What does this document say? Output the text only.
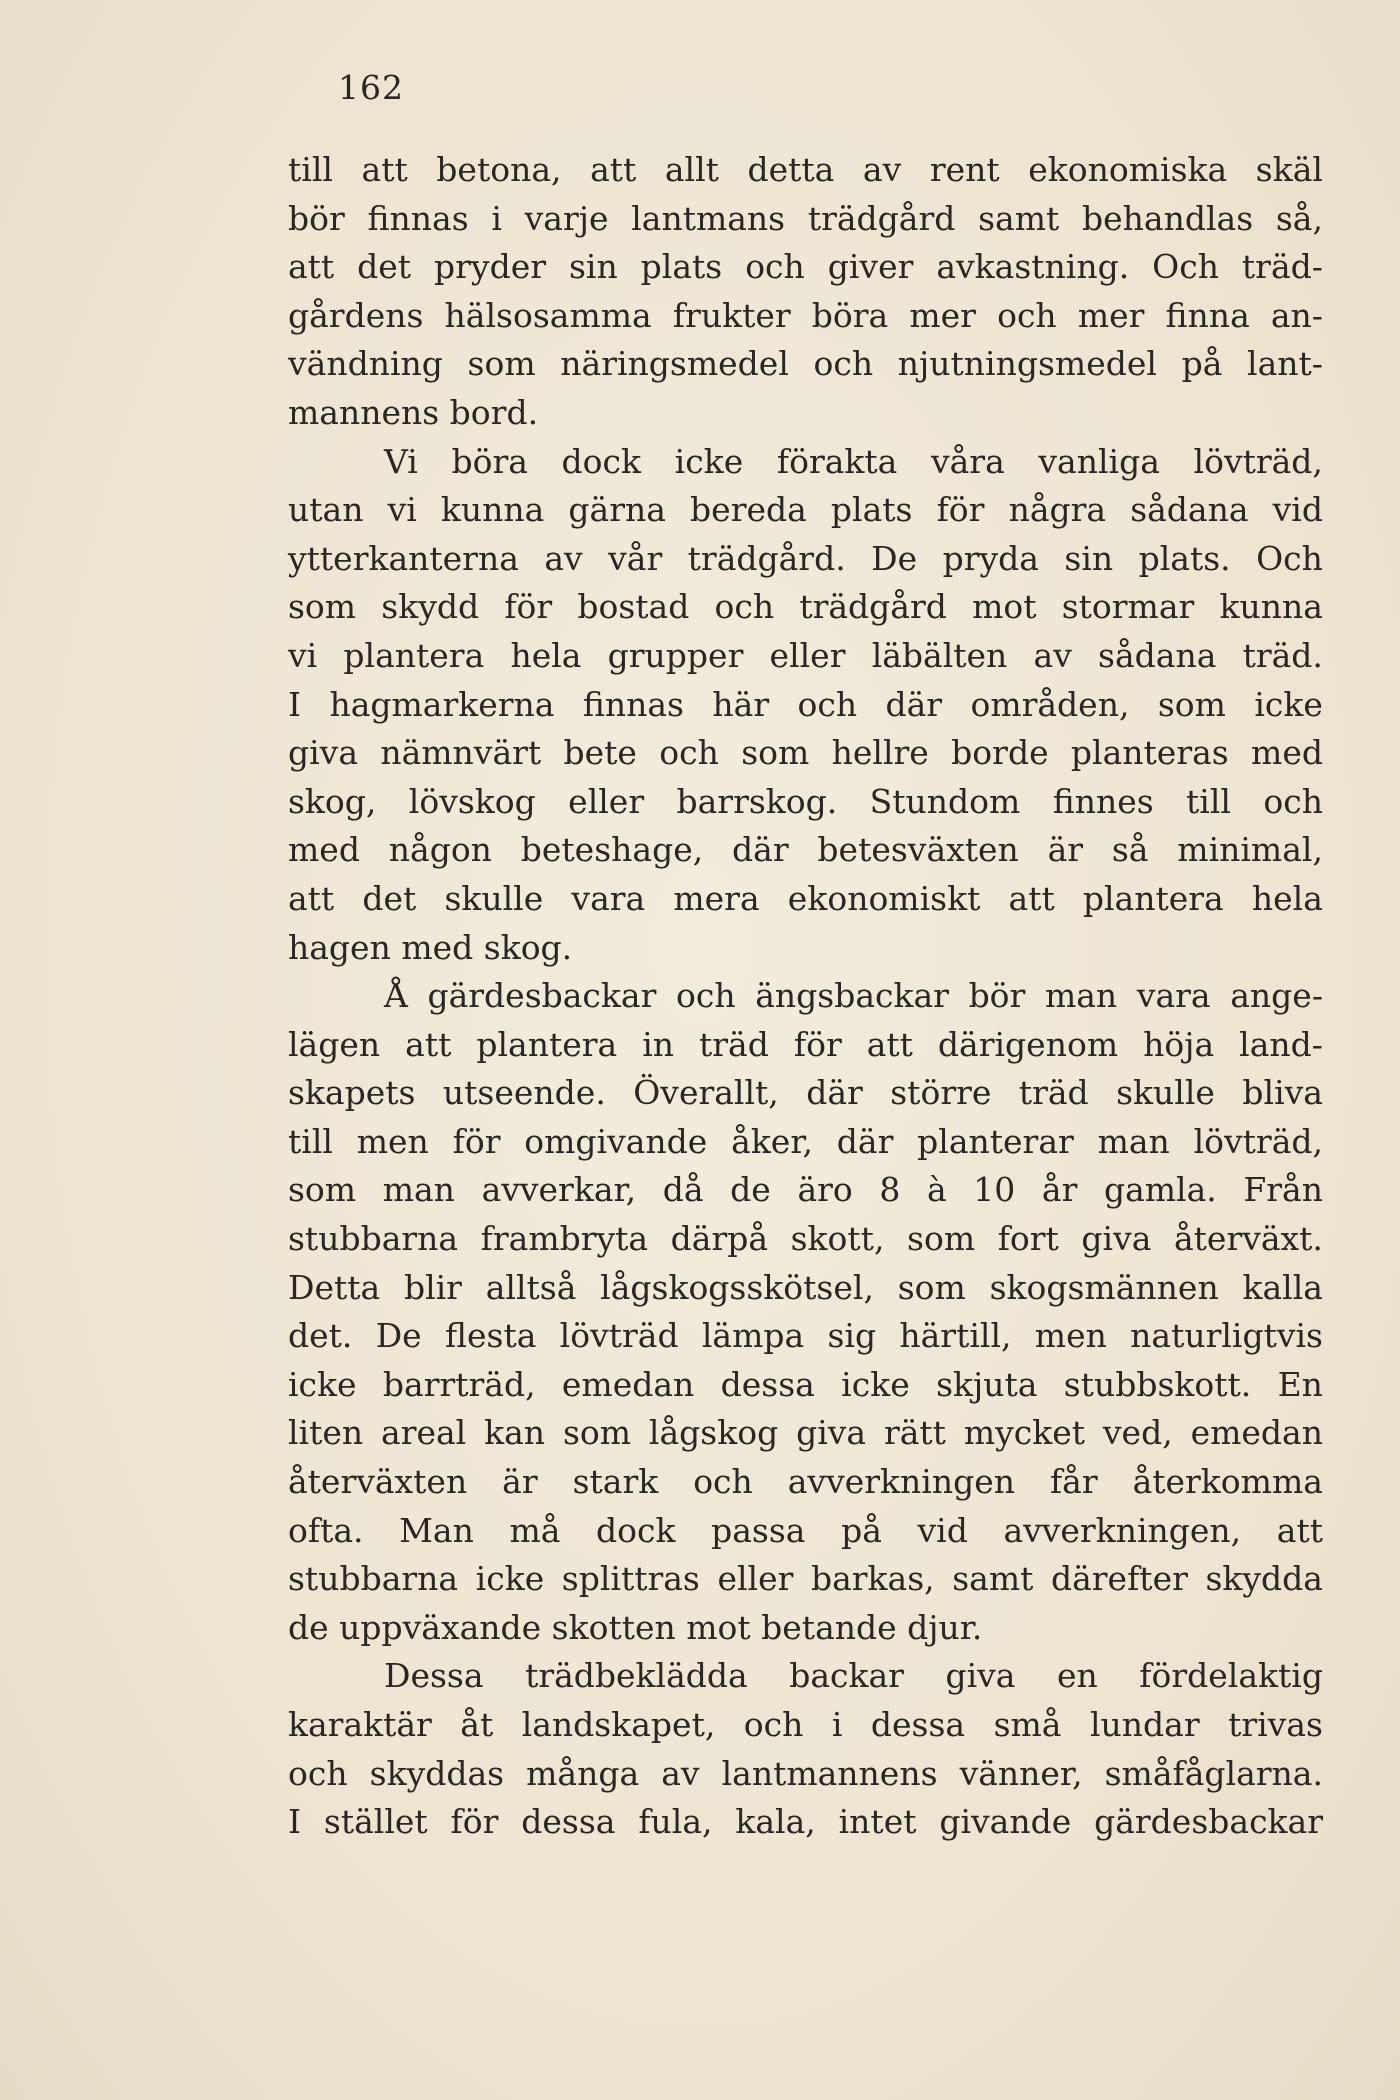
162
till att betona, att allt detta av rent ekonomiska skäl
bör finnas i varje lantmans trädgård samt behandlas så,
att det pryder sin plats och giver avkastning. Och träd-
gårdens hälsosamma frukter böra mer och mer finna an-
vändning som näringsmedel och njutningsmedel på lant-
mannens bord.
Vi böra dock icke förakta våra vanliga lövträd,
utan vi kunna gärna bereda plats för några sådana vid
ytterkanterna av vår trädgård. De pryda sin plats. Och
som skydd för bostad och trädgård mot stormar kunna
vi plantera hela grupper eller läbälten av sådana träd.
I hagmarkerna finnas här och där områden, som icke
giva nämnvärt bete och som hellre borde planteras med
skog, lövskog eller barrskog. Stundom finnes till och
med någon beteshage, där betesväxten är så minimal,
att det skulle vara mera ekonomiskt att plantera hela
hagen med skog.
Å gärdesbackar och ängsbackar bör man vara ange-
lägen att plantera in träd för att därigenom höja land-
skapets utseende. Överallt, där större träd skulle bliva
till men för omgivande åker, där planterar man lövträd,
som man avverkar, då de äro 8 à 10 år gamla. Från
stubbarna frambryta därpå skott, som fort giva återväxt.
Detta blir alltså lågskogsskötsel, som skogsmännen kalla
det. De flesta lövträd lämpa sig härtill, men naturligtvis
icke barrträd, emedan dessa icke skjuta stubbskott. En
liten areal kan som lågskog giva rätt mycket ved, emedan
återväxten är stark och avverkningen får återkomma
ofta. Man må dock passa på vid avverkningen, att
stubbarna icke splittras eller barkas, samt därefter skydda
de uppväxande skotten mot betande djur.
Dessa trädbeklädda backar giva en fördelaktig
karaktär åt landskapet, och i dessa små lundar trivas
och skyddas många av lantmannens vänner, småfåglarna.
I stället för dessa fula, kala, intet givande gärdesbackar
